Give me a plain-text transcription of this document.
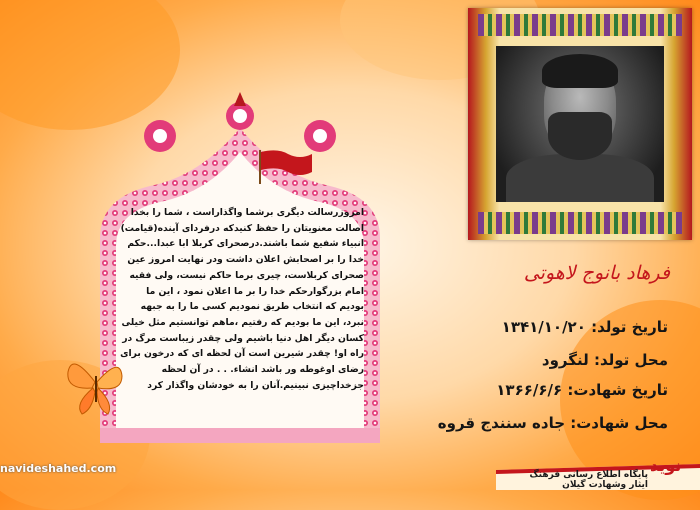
امروزرسالت دیگری برشما واگذاراست ، شما را بخدا اصالت معنویتان را حفظ کنیدکه درفردای آینده(قیامت) انبیاء شفیع شما باشند.درصحرای کربلا ابا عبدا...حکم خدا را بر اصحابش اعلان داشت ودر نهایت امروز عین صحرای کربلاست، چیری برما حاکم نیست، ولی فقیه امام بزرگوارحکم خدا را بر ما اعلان نمود ، این ما بودیم که انتخاب طریق نمودیم کسی ما را به جبهه نبرد، این ما بودیم که رفتیم ،ماهم توانستیم مثل خیلی کسان دیگر اهل دنیا باشیم ولی چقدر زیباست مرگ در راه او! چقدر شیرین است آن لحظه ای که درخون برای رضای اوغوطه ور باشد انشاء. . . در آن لحظه جزخداچیزی نبینیم.آنان را به خودشان واگذار کرد

فرهاد بانوج لاهوتی
تاریخ تولد: ۱۳۴۱/۱۰/۲۰
محل تولد: لنگرود
تاریخ شهادت: ۱۳۶۶/۶/۶
محل شهادت: جاده سنندج قروه
navideshahed.com	پایگاه اطلاع رسانی فرهنگ ایثار وشهادت گیلان
نوید
